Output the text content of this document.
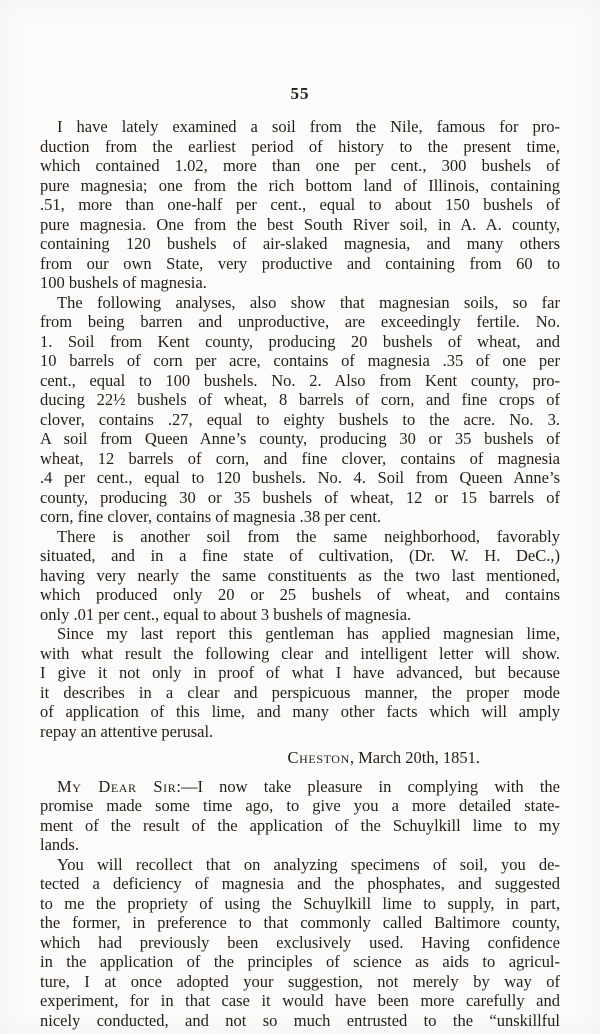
55
I have lately examined a soil from the Nile, famous for pro-
duction from the earliest period of history to the present time,
which contained 1.02, more than one per cent., 300 bushels of
pure magnesia; one from the rich bottom land of Illinois, containing
.51, more than one-half per cent., equal to about 150 bushels of
pure magnesia. One from the best South River soil, in A. A. county,
containing 120 bushels of air-slaked magnesia, and many others
from our own State, very productive and containing from 60 to
100 bushels of magnesia.
The following analyses, also show that magnesian soils, so far
from being barren and unproductive, are exceedingly fertile. No.
1. Soil from Kent county, producing 20 bushels of wheat, and
10 barrels of corn per acre, contains of magnesia .35 of one per
cent., equal to 100 bushels. No. 2. Also from Kent county, pro-
ducing 22½ bushels of wheat, 8 barrels of corn, and fine crops of
clover, contains .27, equal to eighty bushels to the acre. No. 3.
A soil from Queen Anne’s county, producing 30 or 35 bushels of
wheat, 12 barrels of corn, and fine clover, contains of magnesia
.4 per cent., equal to 120 bushels. No. 4. Soil from Queen Anne’s
county, producing 30 or 35 bushels of wheat, 12 or 15 barrels of
corn, fine clover, contains of magnesia .38 per cent.
There is another soil from the same neighborhood, favorably
situated, and in a fine state of cultivation, (Dr. W. H. DeC.,)
having very nearly the same constituents as the two last mentioned,
which produced only 20 or 25 bushels of wheat, and contains
only .01 per cent., equal to about 3 bushels of magnesia.
Since my last report this gentleman has applied magnesian lime,
with what result the following clear and intelligent letter will show.
I give it not only in proof of what I have advanced, but because
it describes in a clear and perspicuous manner, the proper mode
of application of this lime, and many other facts which will amply
repay an attentive perusal.
Cheston, March 20th, 1851.
My Dear Sir:—I now take pleasure in complying with the
promise made some time ago, to give you a more detailed state-
ment of the result of the application of the Schuylkill lime to my
lands.
You will recollect that on analyzing specimens of soil, you de-
tected a deficiency of magnesia and the phosphates, and suggested
to me the propriety of using the Schuylkill lime to supply, in part,
the former, in preference to that commonly called Baltimore county,
which had previously been exclusively used. Having confidence
in the application of the principles of science as aids to agricul-
ture, I at once adopted your suggestion, not merely by way of
experiment, for in that case it would have been more carefully and
nicely conducted, and not so much entrusted to the “unskillful
